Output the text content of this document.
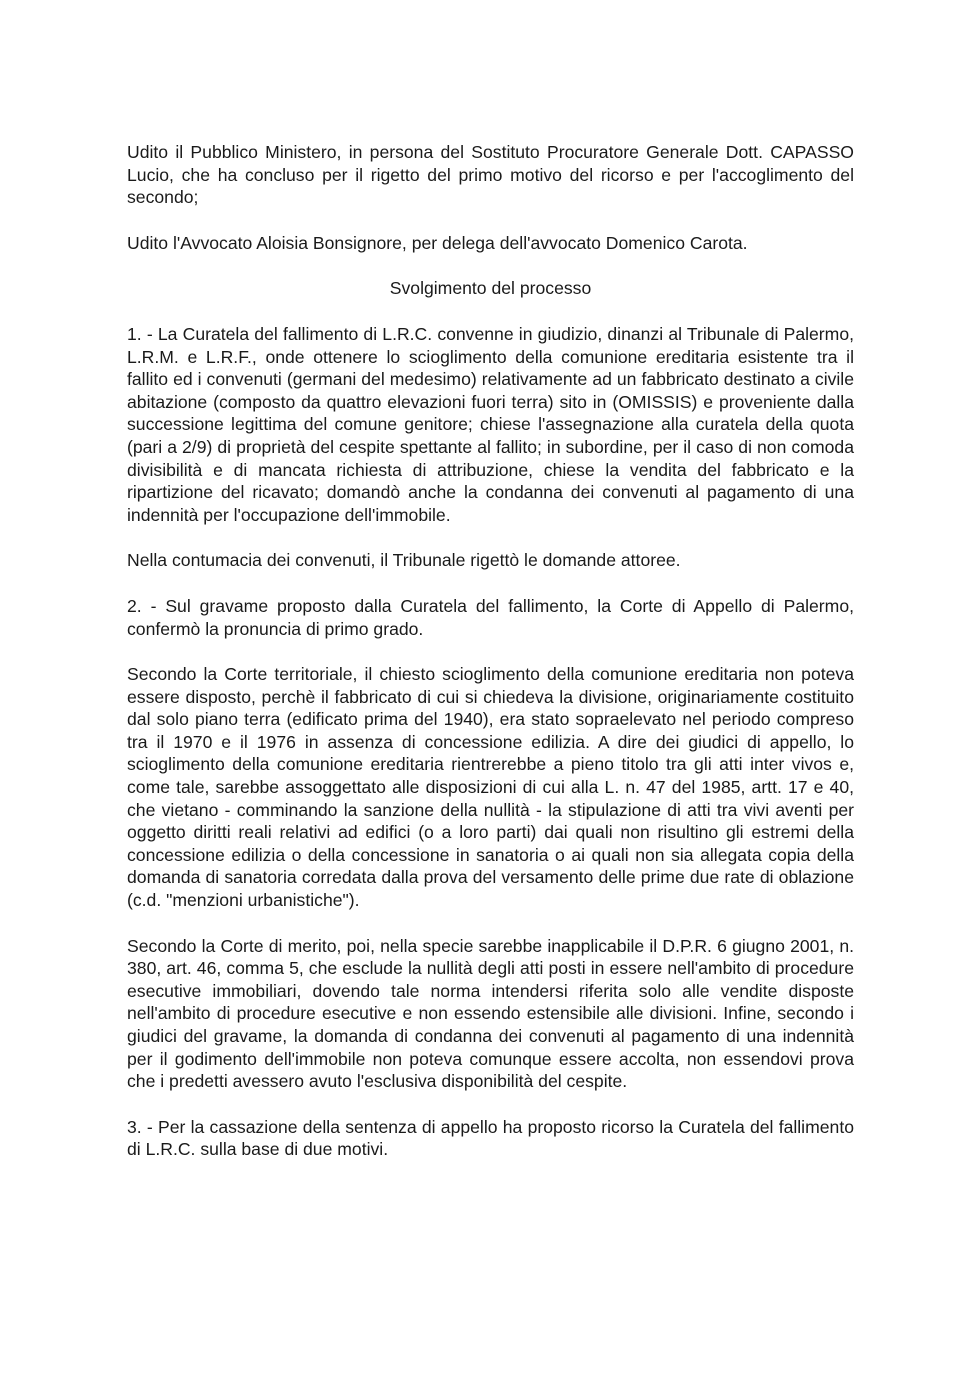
Udito il Pubblico Ministero, in persona del Sostituto Procuratore Generale Dott. CAPASSO Lucio, che ha concluso per il rigetto del primo motivo del ricorso e per l'accoglimento del secondo;

Udito l'Avvocato Aloisia Bonsignore, per delega dell'avvocato Domenico Carota.

Svolgimento del processo

1. - La Curatela del fallimento di L.R.C. convenne in giudizio, dinanzi al Tribunale di Palermo, L.R.M. e L.R.F., onde ottenere lo scioglimento della comunione ereditaria esistente tra il fallito ed i convenuti (germani del medesimo) relativamente ad un fabbricato destinato a civile abitazione (composto da quattro elevazioni fuori terra) sito in (OMISSIS) e proveniente dalla successione legittima del comune genitore; chiese l'assegnazione alla curatela della quota (pari a 2/9) di proprietà del cespite spettante al fallito; in subordine, per il caso di non comoda divisibilità e di mancata richiesta di attribuzione, chiese la vendita del fabbricato e la ripartizione del ricavato; domandò anche la condanna dei convenuti al pagamento di una indennità per l'occupazione dell'immobile.

Nella contumacia dei convenuti, il Tribunale rigettò le domande attoree.

2. - Sul gravame proposto dalla Curatela del fallimento, la Corte di Appello di Palermo, confermò la pronuncia di primo grado.

Secondo la Corte territoriale, il chiesto scioglimento della comunione ereditaria non poteva essere disposto, perchè il fabbricato di cui si chiedeva la divisione, originariamente costituito dal solo piano terra (edificato prima del 1940), era stato sopraelevato nel periodo compreso tra il 1970 e il 1976 in assenza di concessione edilizia. A dire dei giudici di appello, lo scioglimento della comunione ereditaria rientrerebbe a pieno titolo tra gli atti inter vivos e, come tale, sarebbe assoggettato alle disposizioni di cui alla L. n. 47 del 1985, artt. 17 e 40, che vietano - comminando la sanzione della nullità - la stipulazione di atti tra vivi aventi per oggetto diritti reali relativi ad edifici (o a loro parti) dai quali non risultino gli estremi della concessione edilizia o della concessione in sanatoria o ai quali non sia allegata copia della domanda di sanatoria corredata dalla prova del versamento delle prime due rate di oblazione (c.d. "menzioni urbanistiche").

Secondo la Corte di merito, poi, nella specie sarebbe inapplicabile il D.P.R. 6 giugno 2001, n. 380, art. 46, comma 5, che esclude la nullità degli atti posti in essere nell'ambito di procedure esecutive immobiliari, dovendo tale norma intendersi riferita solo alle vendite disposte nell'ambito di procedure esecutive e non essendo estensibile alle divisioni. Infine, secondo i giudici del gravame, la domanda di condanna dei convenuti al pagamento di una indennità per il godimento dell'immobile non poteva comunque essere accolta, non essendovi prova che i predetti avessero avuto l'esclusiva disponibilità del cespite.

3. - Per la cassazione della sentenza di appello ha proposto ricorso la Curatela del fallimento di L.R.C. sulla base di due motivi.
